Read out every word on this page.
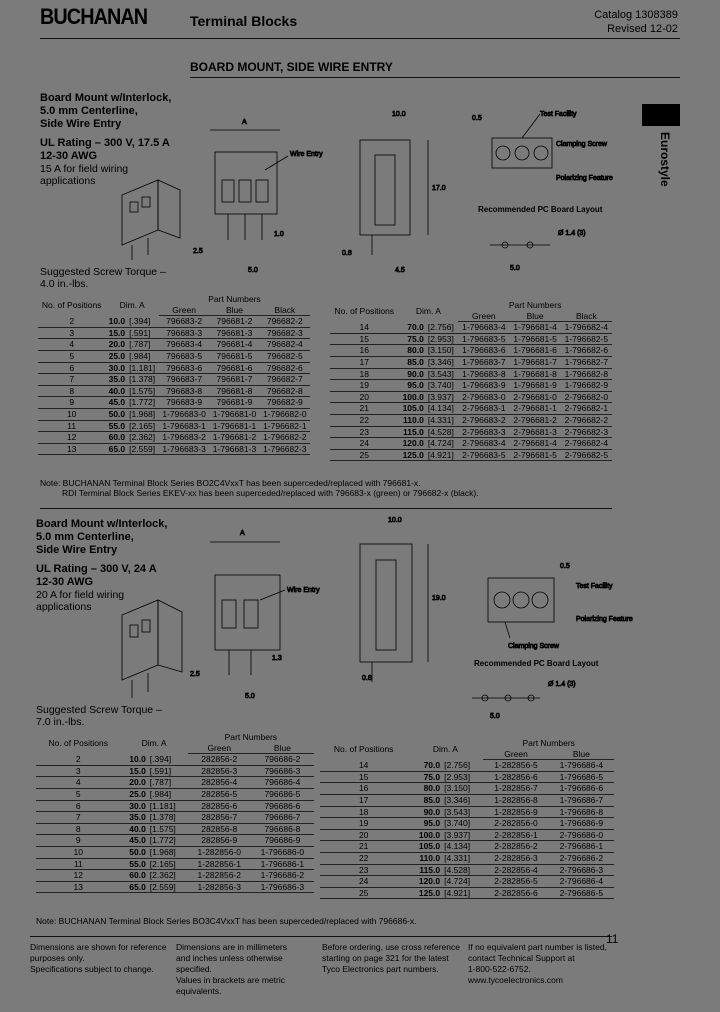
BUCHANAN	Terminal Blocks	Catalog 1308389
Revised 12-02
BOARD MOUNT, SIDE WIRE ENTRY
Eurostyle
Board Mount w/Interlock,
5.0 mm Centerline,
Side Wire Entry
UL Rating – 300 V, 17.5 A
12-30 AWG
15 A for field wiring
applications
Suggested Screw Torque –
4.0 in.-lbs.
A
Wire Entry
2.5
1.0
5.0
10.0
17.0
0.8
4.5
0.5
Test Facility
Clamping Screw
Polarizing Feature
Recommended PC Board Layout
Ø 1.4 (3)
5.0
No. of Positions	Dim. A		Part Numbers		
			Green	Blue	Black
2	10.0	[.394]	796683-2	796681-2	796682-2
3	15.0	[.591]	796683-3	796681-3	796682-3
4	20.0	[.787]	796683-4	796681-4	796682-4
5	25.0	[.984]	796683-5	796681-5	796682-5
6	30.0	[1.181]	796683-6	796681-6	796682-6
7	35.0	[1.378]	796683-7	796681-7	796682-7
8	40.0	[1.575]	796683-8	796681-8	796682-8
9	45.0	[1.772]	796683-9	796681-9	796682-9
10	50.0	[1.968]	1-796683-0	1-796681-0	1-796682-0
11	55.0	[2.165]	1-796683-1	1-796681-1	1-796682-1
12	60.0	[2.362]	1-796683-2	1-796681-2	1-796682-2
13	65.0	[2.559]	1-796683-3	1-796681-3	1-796682-3
No. of Positions	Dim. A		Part Numbers		
			Green	Blue	Black
14	70.0	[2.756]	1-796683-4	1-796681-4	1-796682-4
15	75.0	[2.953]	1-796683-5	1-796681-5	1-796682-5
16	80.0	[3.150]	1-796683-6	1-796681-6	1-796682-6
17	85.0	[3.346]	1-796683-7	1-796681-7	1-796682-7
18	90.0	[3.543]	1-796683-8	1-796681-8	1-796682-8
19	95.0	[3.740]	1-796683-9	1-796681-9	1-796682-9
20	100.0	[3.937]	2-796683-0	2-796681-0	2-796682-0
21	105.0	[4.134]	2-796683-1	2-796681-1	2-796682-1
22	110.0	[4.331]	2-796683-2	2-796681-2	2-796682-2
23	115.0	[4.528]	2-796683-3	2-796681-3	2-796682-3
24	120.0	[4.724]	2-796683-4	2-796681-4	2-796682-4
25	125.0	[4.921]	2-796683-5	2-796681-5	2-796682-5
Note: BUCHANAN Terminal Block Series BO2C4VxxT has been superceded/replaced with 796681-x.
RDI Terminal Block Series EKEV-xx has been superceded/replaced with 796683-x (green) or 796682-x (black).
Board Mount w/Interlock,
5.0 mm Centerline,
Side Wire Entry
UL Rating – 300 V, 24 A
12-30 AWG
20 A for field wiring
applications
Suggested Screw Torque –
7.0 in.-lbs.
A
Wire Entry
2.5
1.3
5.0
10.0
19.0
0.8
0.5
Test Facility
Polarizing Feature
Clamping Screw
Recommended PC Board Layout
Ø 1.4 (3)
5.0
No. of Positions	Dim. A		Part Numbers	
			Green	Blue
2	10.0	[.394]	282856-2	796686-2
3	15.0	[.591]	282856-3	796686-3
4	20.0	[.787]	282856-4	796686-4
5	25.0	[.984]	282856-5	796686-5
6	30.0	[1.181]	282856-6	796686-6
7	35.0	[1.378]	282856-7	796686-7
8	40.0	[1.575]	282856-8	796686-8
9	45.0	[1.772]	282856-9	796686-9
10	50.0	[1.968]	1-282856-0	1-796686-0
11	55.0	[2.165]	1-282856-1	1-796686-1
12	60.0	[2.362]	1-282856-2	1-796686-2
13	65.0	[2.559]	1-282856-3	1-796686-3
No. of Positions	Dim. A		Part Numbers	
			Green	Blue
14	70.0	[2.756]	1-282856-5	1-796686-4
15	75.0	[2.953]	1-282856-6	1-796686-5
16	80.0	[3.150]	1-282856-7	1-796686-6
17	85.0	[3.346]	1-282856-8	1-796686-7
18	90.0	[3.543]	1-282856-9	1-796686-8
19	95.0	[3.740]	2-282856-0	1-796686-9
20	100.0	[3.937]	2-282856-1	2-796686-0
21	105.0	[4.134]	2-282856-2	2-796686-1
22	110.0	[4.331]	2-282856-3	2-796686-2
23	115.0	[4.528]	2-282856-4	2-796686-3
24	120.0	[4.724]	2-282856-5	2-796686-4
25	125.0	[4.921]	2-282856-6	2-796686-5
Note: BUCHANAN Terminal Block Series BO3C4VxxT has been superceded/replaced with 796686-x.
Dimensions are shown for reference
purposes only.
Specifications subject to change.
Dimensions are in millimeters
and inches unless otherwise specified.
Values in brackets are metric
equivalents.
Before ordering, use cross reference
starting on page 321 for the latest
Tyco Electronics part numbers.
If no equivalent part number is listed,
contact Technical Support at
1-800-522-6752.
www.tycoelectronics.com
11
